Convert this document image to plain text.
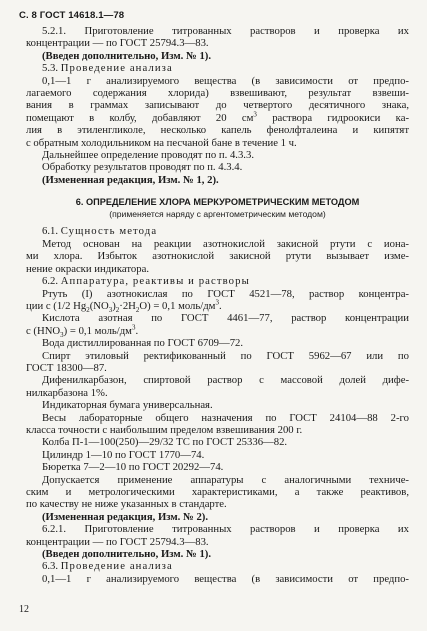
С. 8 ГОСТ 14618.1—78

5.2.1. Приготовление титрованных растворов и проверка их

концентрации — по ГОСТ 25794.3—83.

(Введен дополнительно, Изм. № 1).

5.3. Проведение анализа

0,1—1 г анализируемого вещества (в зависимости от предпо-

лагаемого содержания хлорида) взвешивают, результат взвеши-

вания в граммах записывают до четвертого десятичного знака,

помещают в колбу, добавляют 20 $см^3$ раствора гидроокиси ка-

лия в этиленгликоле, несколько капель фенолфталеина и кипятят

с обратным холодильником на песчаной бане в течение 1 ч.

Дальнейшее определение проводят по п. 4.3.3.

Обработку результатов проводят по п. 4.3.4.

(Измененная редакция, Изм. № 1, 2).

6. ОПРЕДЕЛЕНИЕ ХЛОРА МЕРКУРОМЕТРИЧЕСКИМ МЕТОДОМ

(применяется наряду с аргентометрическим методом)

6.1. Сущность метода

Метод основан на реакции азотнокислой закисной ртути с иона-

ми хлора. Избыток азотнокислой закисной ртути вызывает изме-

нение окраски индикатора.

6.2. Аппаратура, реактивы и растворы

Ртуть (I) азотнокислая по ГОСТ 4521—78, раствор концентра-

ции с (1/2 $Hg_2(NO_3)_2\cdot 2H_2O) = 0,1$ моль/$дм^3$.

Кислота азотная по ГОСТ 4461—77, раствор концентрации

с $(HNO_3) = 0,1$ моль/$дм^3$.

Вода дистиллированная по ГОСТ 6709—72.

Спирт этиловый ректификованный по ГОСТ 5962—67 или по

ГОСТ 18300—87.

Дифенилкарбазон, спиртовой раствор с массовой долей дифе-

нилкарбазона 1%.

Индикаторная бумага универсальная.

Весы лабораторные общего назначения по ГОСТ 24104—88 2-го

класса точности с наибольшим пределом взвешивания 200 г.

Колба П-1—100(250)—29/32 ТС по ГОСТ 25336—82.

Цилиндр 1—10 по ГОСТ 1770—74.

Бюретка 7—2—10 по ГОСТ 20292—74.

Допускается применение аппаратуры с аналогичными техниче-

ским и метрологическими характеристиками, а также реактивов,

по качеству не ниже указанных в стандарте.

(Измененная редакция, Изм. № 2).

6.2.1. Приготовление титрованных растворов и проверка их

концентрации — по ГОСТ 25794.3—83.

(Введен дополнительно, Изм. № 1).

6.3. Проведение анализа

0,1—1 г анализируемого вещества (в зависимости от предпо-

12
